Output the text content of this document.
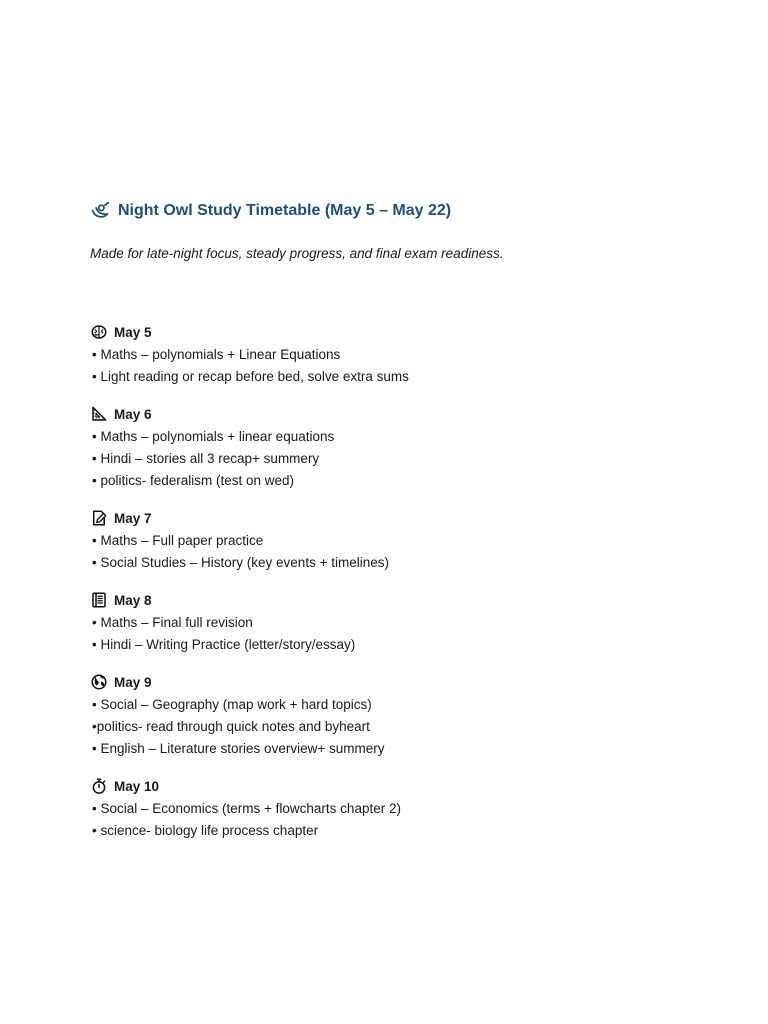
Night Owl Study Timetable (May 5 – May 22)
Made for late-night focus, steady progress, and final exam readiness.
May 5
• Maths – polynomials + Linear Equations
• Light reading or recap before bed, solve extra sums
May 6
• Maths – polynomials + linear equations
• Hindi – stories all 3 recap+ summery
• politics- federalism (test on wed)
May 7
• Maths – Full paper practice
• Social Studies – History (key events + timelines)
May 8
• Maths – Final full revision
• Hindi – Writing Practice (letter/story/essay)
May 9
• Social – Geography (map work + hard topics)
•politics- read through quick notes and byheart
• English – Literature stories overview+ summery
May 10
• Social – Economics (terms + flowcharts chapter 2)
• science- biology life process chapter
